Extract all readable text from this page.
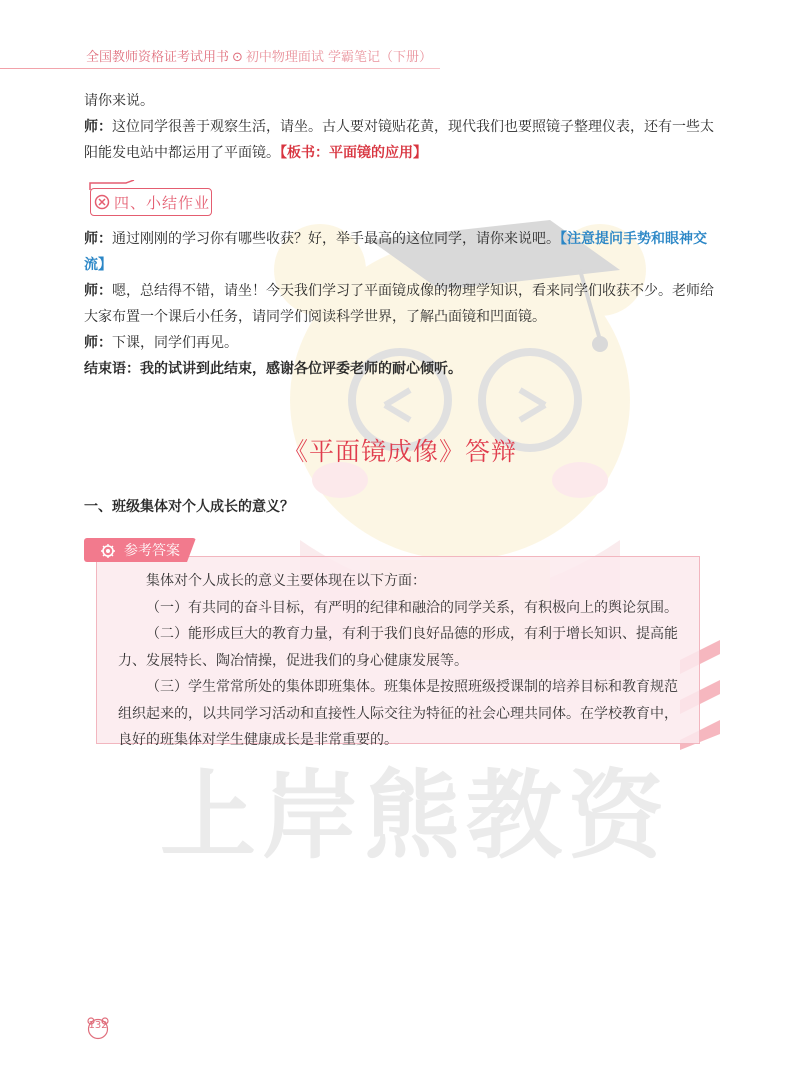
全国教师资格证考试用书 ⊙ 初中物理面试 学霸笔记（下册）
上岸熊教资

请你来说。

师：这位同学很善于观察生活，请坐。古人要对镜贴花黄，现代我们也要照镜子整理仪表，还有一些太阳能发电站中都运用了平面镜。【板书：平面镜的应用】

四、小结作业

师：通过刚刚的学习你有哪些收获？好，举手最高的这位同学，请你来说吧。【注意提问手势和眼神交流】

师：嗯，总结得不错，请坐！今天我们学习了平面镜成像的物理学知识，看来同学们收获不少。老师给大家布置一个课后小任务，请同学们阅读科学世界，了解凸面镜和凹面镜。

师：下课，同学们再见。

结束语：我的试讲到此结束，感谢各位评委老师的耐心倾听。

《平面镜成像》答辩
一、班级集体对个人成长的意义？
参考答案

集体对个人成长的意义主要体现在以下方面：

（一）有共同的奋斗目标，有严明的纪律和融洽的同学关系，有积极向上的舆论氛围。

（二）能形成巨大的教育力量，有利于我们良好品德的形成，有利于增长知识、提高能力、发展特长、陶冶情操，促进我们的身心健康发展等。

（三）学生常常所处的集体即班集体。班集体是按照班级授课制的培养目标和教育规范组织起来的，以共同学习活动和直接性人际交往为特征的社会心理共同体。在学校教育中，良好的班集体对学生健康成长是非常重要的。

132
